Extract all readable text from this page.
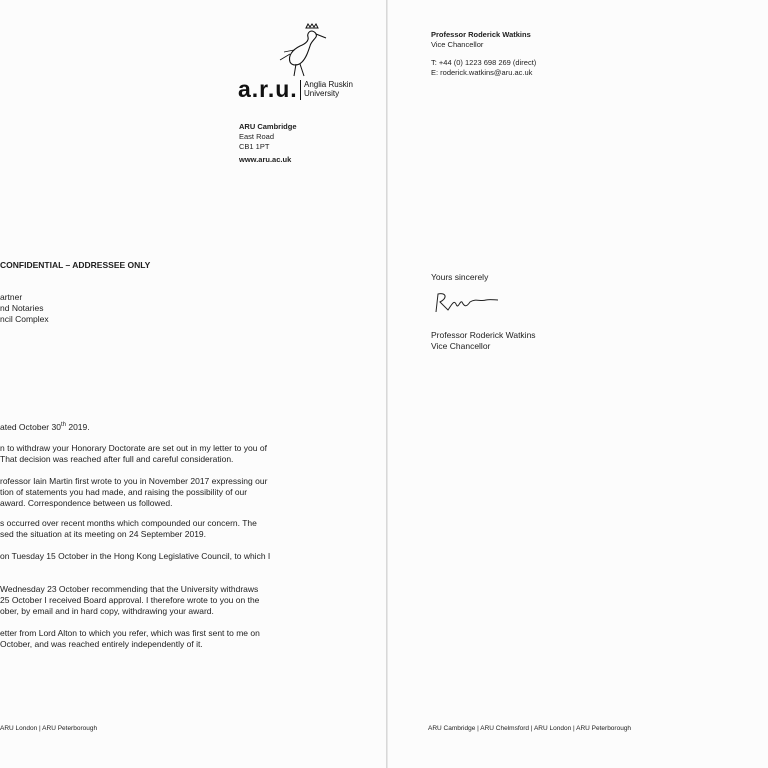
a.r.u. Anglia Ruskin
University
ARU Cambridge
East Road
CB1 1PT
www.aru.ac.uk
CONFIDENTIAL – ADDRESSEE ONLY
artner
nd Notaries
ncil Complex
ated October 30th 2019.
n to withdraw your Honorary Doctorate are set out in my letter to you of
That decision was reached after full and careful consideration.
rofessor Iain Martin first wrote to you in November 2017 expressing our
tion of statements you had made, and raising the possibility of our
award. Correspondence between us followed.
s occurred over recent months which compounded our concern. The
sed the situation at its meeting on 24 September 2019.
on Tuesday 15 October in the Hong Kong Legislative Council, to which I
Wednesday 23 October recommending that the University withdraws
25 October I received Board approval. I therefore wrote to you on the
ober, by email and in hard copy, withdrawing your award.
etter from Lord Alton to which you refer, which was first sent to me on
October, and was reached entirely independently of it.
ARU London | ARU Peterborough
Professor Roderick Watkins
Vice Chancellor
T: +44 (0) 1223 698 269 (direct)
E: roderick.watkins@aru.ac.uk
Yours sincerely
Professor Roderick Watkins
Vice Chancellor
ARU Cambridge | ARU Chelmsford | ARU London | ARU Peterborough
